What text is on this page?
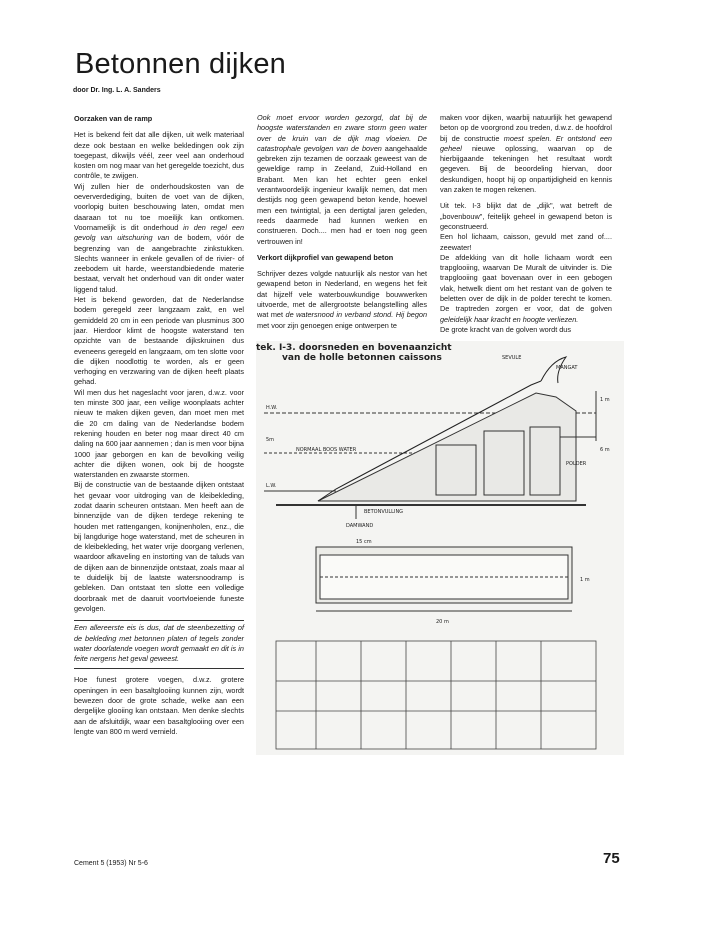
Betonnen dijken
door Dr. Ing. L. A. Sanders

Oorzaken van de ramp

Het is bekend feit dat alle dijken, uit welk materiaal deze ook bestaan en welke bekledingen ook zijn toegepast, dikwijls véél, zeer veel aan onderhoud kosten om nog maar van het geregelde toezicht, dus contrôle, te zwijgen.

Wij zullen hier de onderhoudskosten van de oeververdediging, buiten de voet van de dijken, voorlopig buiten beschouwing laten, omdat men daaraan tot nu toe moeilijk kan ontkomen. Voornamelijk is dit onderhoud in den regel een gevolg van uitschuring van de bodem, vóór de begrenzing van de aangebrachte zinkstukken. Slechts wanneer in enkele gevallen of de rivier- of zeebodem uit harde, weerstandbiedende materie bestaat, vervalt het onderhoud van dit onder water liggend talud.

Het is bekend geworden, dat de Nederlandse bodem geregeld zeer langzaam zakt, en wel gemiddeld 20 cm in een periode van plusminus 300 jaar. Hierdoor klimt de hoogste waterstand ten opzichte van de bestaande dijkskruinen dus eveneens geregeld en langzaam, om ten slotte voor die dijken noodlottig te worden, als er geen verhoging en verzwaring van de dijken heeft plaats gehad.

Wil men dus het nageslacht voor jaren, d.w.z. voor ten minste 300 jaar, een veilige woonplaats achter nieuw te maken dijken geven, dan moet men met die 20 cm daling van de Nederlandse bodem rekening houden en beter nog maar direct 40 cm daling na 600 jaar aannemen ; dan is men voor bijna 1000 jaar geborgen en kan de bevolking veilig achter die dijken wonen, ook bij de hoogste waterstanden en zwaarste stormen.

Bij de constructie van de bestaande dijken ontstaat het gevaar voor uitdroging van de kleibekleding, zodat daarin scheuren ontstaan. Men heeft aan de binnenzijde van de dijken terdege rekening te houden met rattengangen, konijnenholen, enz., die bij langdurige hoge waterstand, met de scheuren in de kleibekleding, het water vrije doorgang verlenen, waardoor afkaveling en instorting van de taluds van de dijken aan de binnenzijde ontstaat, zoals maar al te duidelijk bij de laatste watersnoodramp is gebleken. Dan ontstaat ten slotte een volledige doorbraak met de daaruit voortvloeiende funeste gevolgen.

Een allereerste eis is dus, dat de steenbezetting of de bekleding met betonnen platen of tegels zonder water doorlatende voegen wordt gemaakt en dit is in feite nergens het geval geweest.

Hoe funest grotere voegen, d.w.z. grotere openingen in een basaltglooiing kunnen zijn, wordt bewezen door de grote schade, welke aan een dergelijke glooiing kan ontstaan. Men denke slechts aan de afsluitdijk, waar een basaltglooiing over een lengte van 800 m werd vernield.

Ook moet ervoor worden gezorgd, dat bij de hoogste waterstanden en zware storm geen water over de kruin van de dijk mag vloeien. De catastrophale gevolgen van de boven aangehaalde gebreken zijn tezamen de oorzaak geweest van de geweldige ramp in Zeeland, Zuid-Holland en Brabant. Men kan het echter geen enkel verantwoordelijk ingenieur kwalijk nemen, dat men destijds nog geen gewapend beton kende, hoewel men een twintigtal, ja een dertigtal jaren geleden, reeds daarmede had kunnen werken en construeren. Doch.... men had er toen nog geen vertrouwen in!

Verkort dijkprofiel van gewapend beton

Schrijver dezes volgde natuurlijk als nestor van het gewapend beton in Nederland, en wegens het feit dat hijzelf vele waterbouwkundige bouwwerken uitvoerde, met de allergrootste belangstelling alles wat met de watersnood in verband stond. Hij begon met voor zijn genoegen enige ontwerpen te

maken voor dijken, waarbij natuurlijk het gewapend beton op de voorgrond zou treden, d.w.z. de hoofdrol bij de constructie moest spelen. Er ontstond een geheel nieuwe oplossing, waarvan op de hierbijgaande tekeningen het resultaat wordt gegeven. Bij de beoordeling hiervan, door deskundigen, hoopt hij op onpartijdigheid en kennis van zaken te mogen rekenen.

Uit tek. I-3 blijkt dat de „dijk", wat betreft de „bovenbouw", feitelijk geheel in gewapend beton is geconstrueerd.

Een hol lichaam, caisson, gevuld met zand of.... zeewater!

De afdekking van dit holle lichaam wordt een trapglooiing, waarvan De Muralt de uitvinder is. Die trapglooiing gaat bovenaan over in een gebogen vlak, hetwelk dient om het restant van de golven te beletten over de dijk in de polder terecht te komen. De traptreden zorgen er voor, dat de golven geleidelijk haar kracht en hoogte verliezen.

De grote kracht van de golven wordt dus

SEVULE
MANGAT
H.W.
1 m
5m
NORMAAL BOOS WATER	6 m
L.W.
POLDER
BETONVULLING
DAMWAND
15 cm
1 m
20 m
tek. I-3. doorsneden en bovenaanzicht
van de holle betonnen caissons
Cement 5 (1953) Nr 5-6	75
